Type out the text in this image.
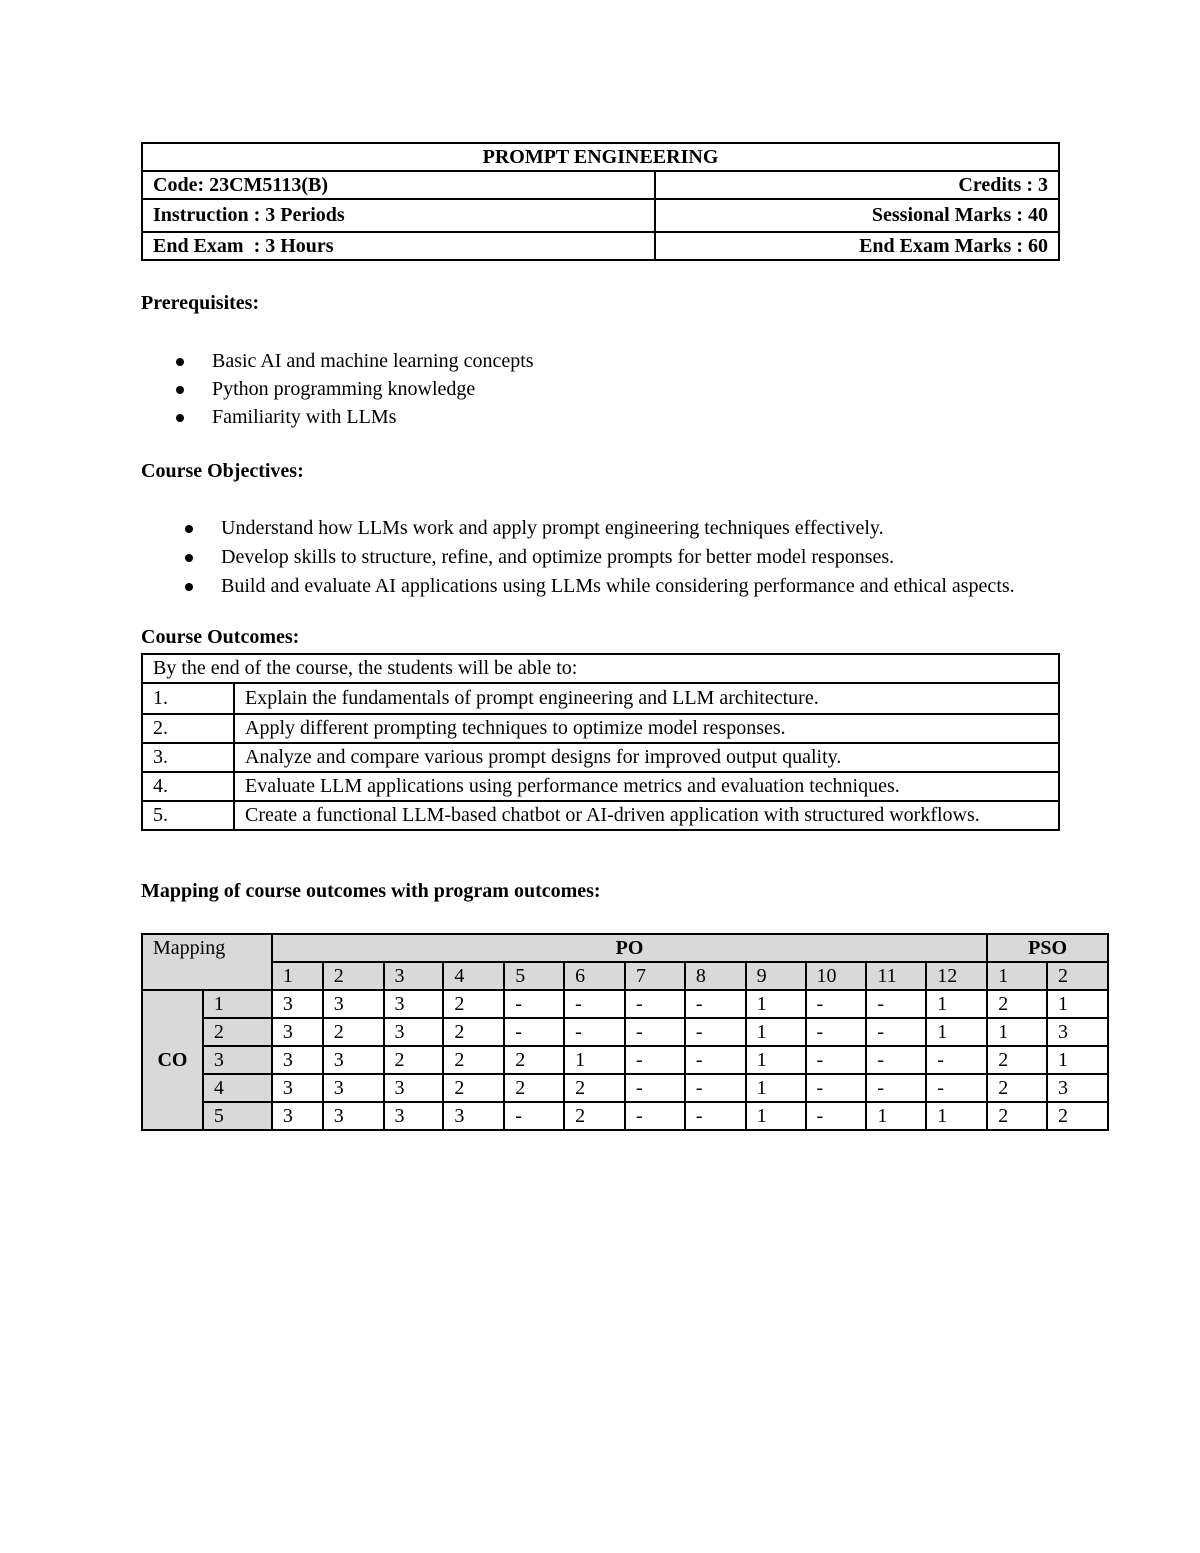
PROMPT ENGINEERING	
Code: 23CM5113(B)	Credits : 3
Instruction : 3 Periods	Sessional Marks : 40
End Exam  : 3 Hours	End Exam Marks : 60
Prerequisites:
Basic AI and machine learning concepts
Python programming knowledge
Familiarity with LLMs
Course Objectives:
Understand how LLMs work and apply prompt engineering techniques effectively.
Develop skills to structure, refine, and optimize prompts for better model responses.
Build and evaluate AI applications using LLMs while considering performance and ethical aspects.
Course Outcomes:
By the end of the course, the students will be able to:	
1.	Explain the fundamentals of prompt engineering and LLM architecture.
2.	Apply different prompting techniques to optimize model responses.
3.	Analyze and compare various prompt designs for improved output quality.
4.	Evaluate LLM applications using performance metrics and evaluation techniques.
5.	Create a functional LLM-based chatbot or AI-driven application with structured workflows.
Mapping of course outcomes with program outcomes:
Mapping		PO												PSO	
		1	2	3	4	5	6	7	8	9	10	11	12	1	2
CO	1	3	3	3	2	-	-	-	-	1	-	-	1	2	1
	2	3	2	3	2	-	-	-	-	1	-	-	1	1	3
	3	3	3	2	2	2	1	-	-	1	-	-	-	2	1
	4	3	3	3	2	2	2	-	-	1	-	-	-	2	3
	5	3	3	3	3	-	2	-	-	1	-	1	1	2	2
